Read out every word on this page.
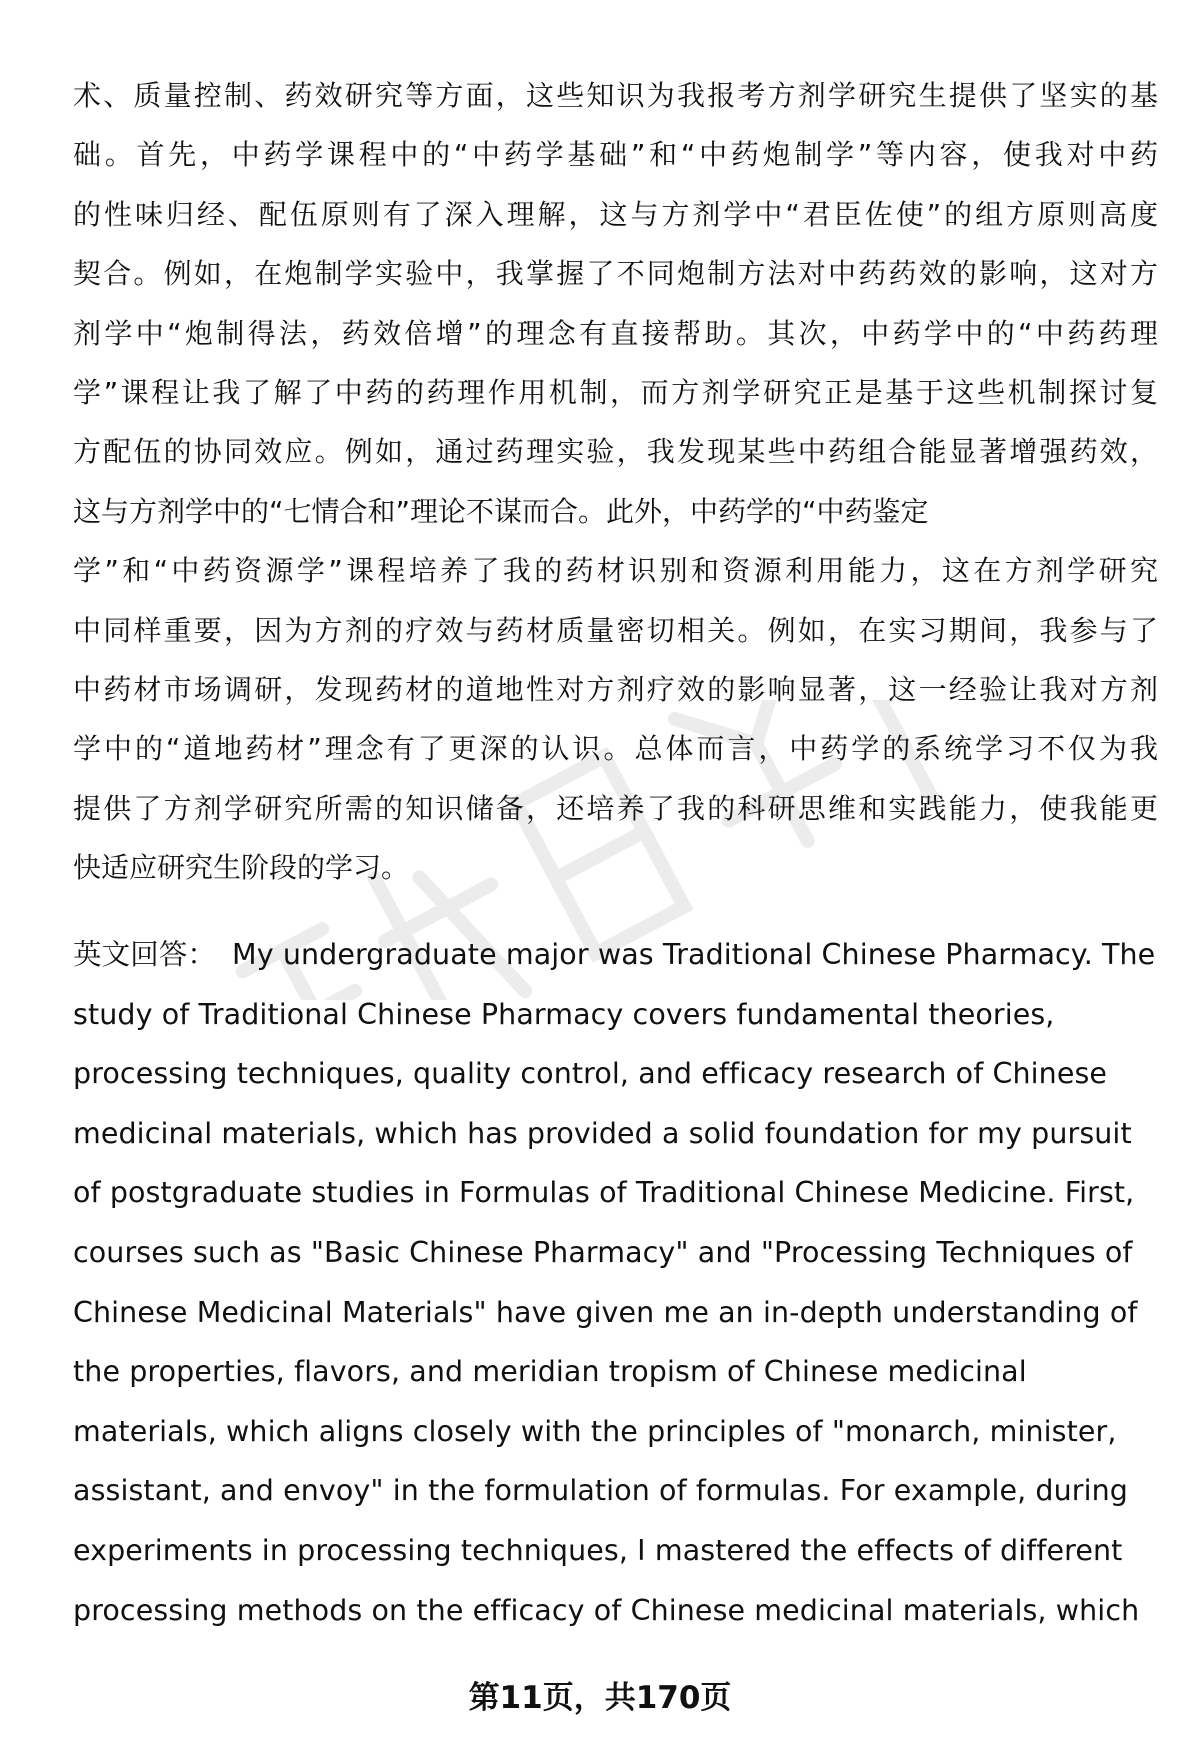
术、质量控制、药效研究等方面，这些知识为我报考方剂学研究生提供了坚实的基
础。首先，中药学课程中的“中药学基础”和“中药炮制学”等内容，使我对中药
的性味归经、配伍原则有了深入理解，这与方剂学中“君臣佐使”的组方原则高度
契合。例如，在炮制学实验中，我掌握了不同炮制方法对中药药效的影响，这对方
剂学中“炮制得法，药效倍增”的理念有直接帮助。其次，中药学中的“中药药理
学”课程让我了解了中药的药理作用机制，而方剂学研究正是基于这些机制探讨复
方配伍的协同效应。例如，通过药理实验，我发现某些中药组合能显著增强药效，
这与方剂学中的“七情合和”理论不谋而合。此外，中药学的“中药鉴定
学”和“中药资源学”课程培养了我的药材识别和资源利用能力，这在方剂学研究
中同样重要，因为方剂的疗效与药材质量密切相关。例如，在实习期间，我参与了
中药材市场调研，发现药材的道地性对方剂疗效的影响显著，这一经验让我对方剂
学中的“道地药材”理念有了更深的认识。总体而言，中药学的系统学习不仅为我
提供了方剂学研究所需的知识储备，还培养了我的科研思维和实践能力，使我能更
快适应研究生阶段的学习。
英文回答： My undergraduate major was Traditional Chinese Pharmacy. The
study of Traditional Chinese Pharmacy covers fundamental theories,
processing techniques, quality control, and efficacy research of Chinese
medicinal materials, which has provided a solid foundation for my pursuit
of postgraduate studies in Formulas of Traditional Chinese Medicine. First,
courses such as "Basic Chinese Pharmacy" and "Processing Techniques of
Chinese Medicinal Materials" have given me an in-depth understanding of
the properties, flavors, and meridian tropism of Chinese medicinal
materials, which aligns closely with the principles of "monarch, minister,
assistant, and envoy" in the formulation of formulas. For example, during
experiments in processing techniques, I mastered the effects of different
processing methods on the efficacy of Chinese medicinal materials, which
第11页，共170页
